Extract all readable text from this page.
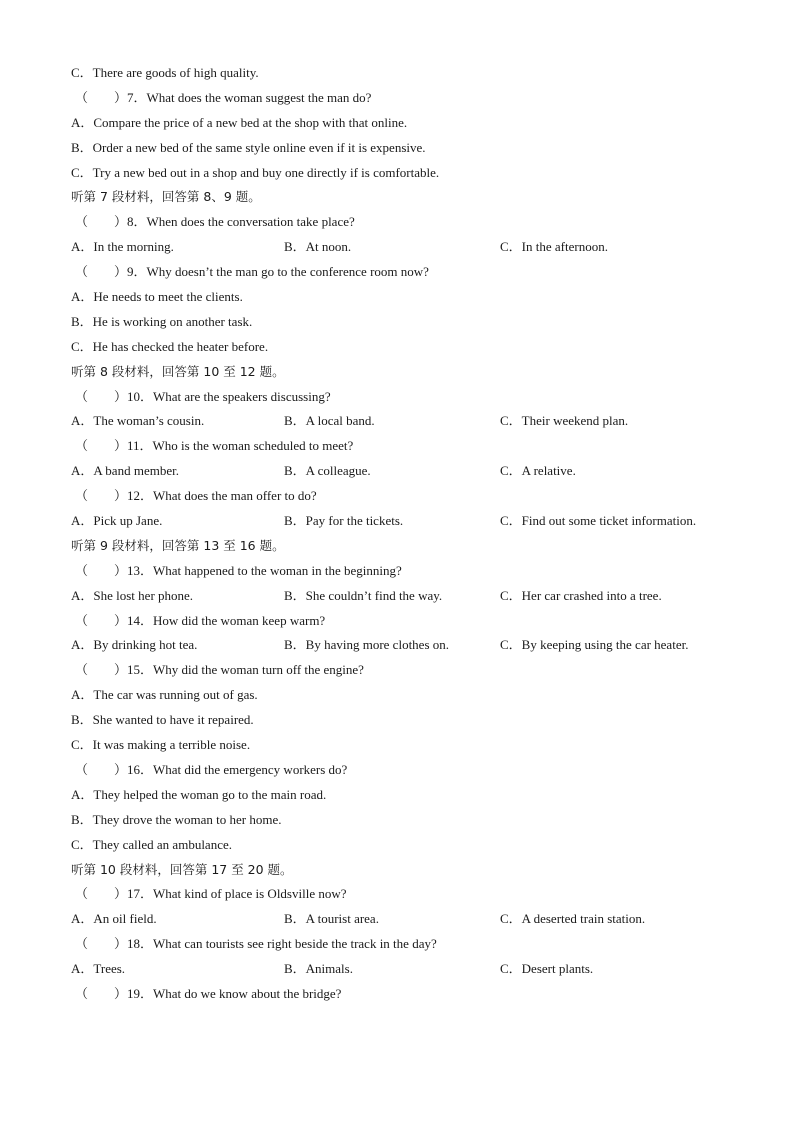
C．There are goods of high quality.
（　　）7．What does the woman suggest the man do?
A．Compare the price of a new bed at the shop with that online.
B．Order a new bed of the same style online even if it is expensive.
C．Try a new bed out in a shop and buy one directly if is comfortable.
听第 7 段材料，回答第 8、9 题。
（　　）8．When does the conversation take place?
A．In the morning.	B．At noon.	C．In the afternoon.
（　　）9．Why doesn’t the man go to the conference room now?
A．He needs to meet the clients.
B．He is working on another task.
C．He has checked the heater before.
听第 8 段材料，回答第 10 至 12 题。
（　　）10．What are the speakers discussing?
A．The woman’s cousin.	B．A local band.	C．Their weekend plan.
（　　）11．Who is the woman scheduled to meet?
A．A band member.	B．A colleague.	C．A relative.
（　　）12．What does the man offer to do?
A．Pick up Jane.	B．Pay for the tickets.	C．Find out some ticket information.
听第 9 段材料，回答第 13 至 16 题。
（　　）13．What happened to the woman in the beginning?
A．She lost her phone.	B．She couldn’t find the way.	C．Her car crashed into a tree.
（　　）14．How did the woman keep warm?
A．By drinking hot tea.	B．By having more clothes on.	C．By keeping using the car heater.
（　　）15．Why did the woman turn off the engine?
A．The car was running out of gas.
B．She wanted to have it repaired.
C．It was making a terrible noise.
（　　）16．What did the emergency workers do?
A．They helped the woman go to the main road.
B．They drove the woman to her home.
C．They called an ambulance.
听第 10 段材料，回答第 17 至 20 题。
（　　）17．What kind of place is Oldsville now?
A．An oil field.	B．A tourist area.	C．A deserted train station.
（　　）18．What can tourists see right beside the track in the day?
A．Trees.	B．Animals.	C．Desert plants.
（　　）19．What do we know about the bridge?
